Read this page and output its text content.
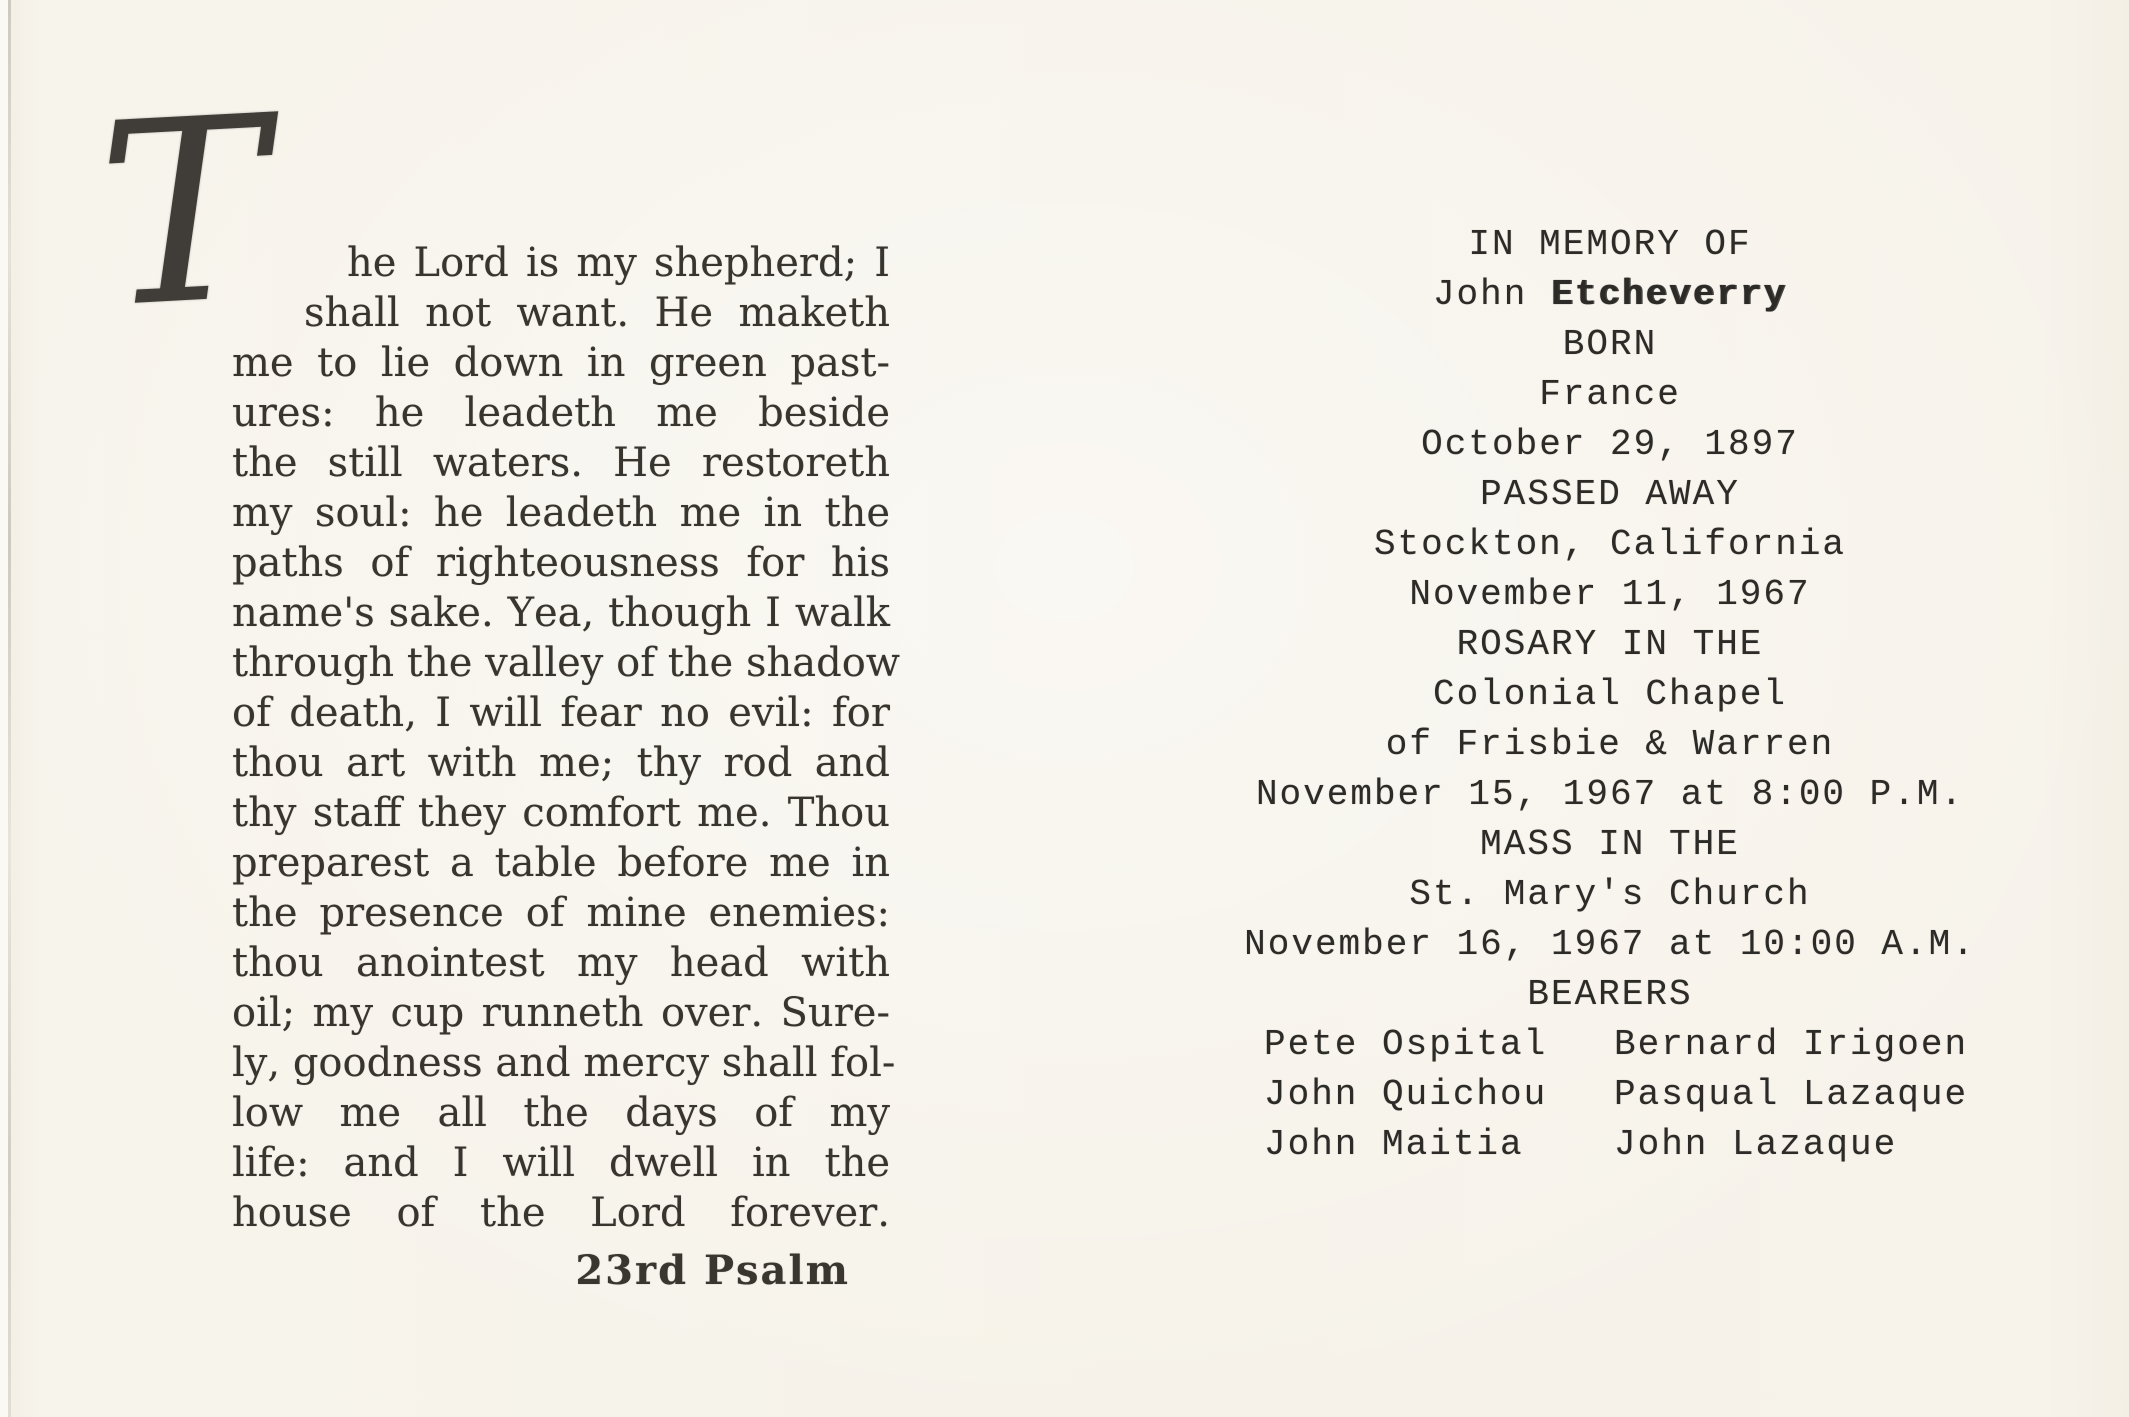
T	he Lord is my shepherd; I
shall not want. He maketh
me to lie down in green past-
ures: he leadeth me beside
the still waters. He restoreth
my soul: he leadeth me in the
paths of righteousness for his
name's sake. Yea, though I walk
through the valley of the shadow
of death, I will fear no evil: for
thou art with me; thy rod and
thy staff they comfort me. Thou
preparest a table before me in
the presence of mine enemies:
thou anointest my head with
oil; my cup runneth over. Sure-
ly, goodness and mercy shall fol-
low me all the days of my
life: and I will dwell in the
house of the Lord forever.
23rd Psalm
IN MEMORY OF
John Etcheverry
BORN
France
October 29, 1897
PASSED AWAY
Stockton, California
November 11, 1967
ROSARY IN THE
Colonial Chapel
of Frisbie & Warren
November 15, 1967 at 8:00 P.M.
MASS IN THE
St. Mary's Church
November 16, 1967 at 10:00 A.M.
BEARERS
Pete Ospital Bernard Irigoen
John Quichou Pasqual Lazaque
John Maitia	John Lazaque
